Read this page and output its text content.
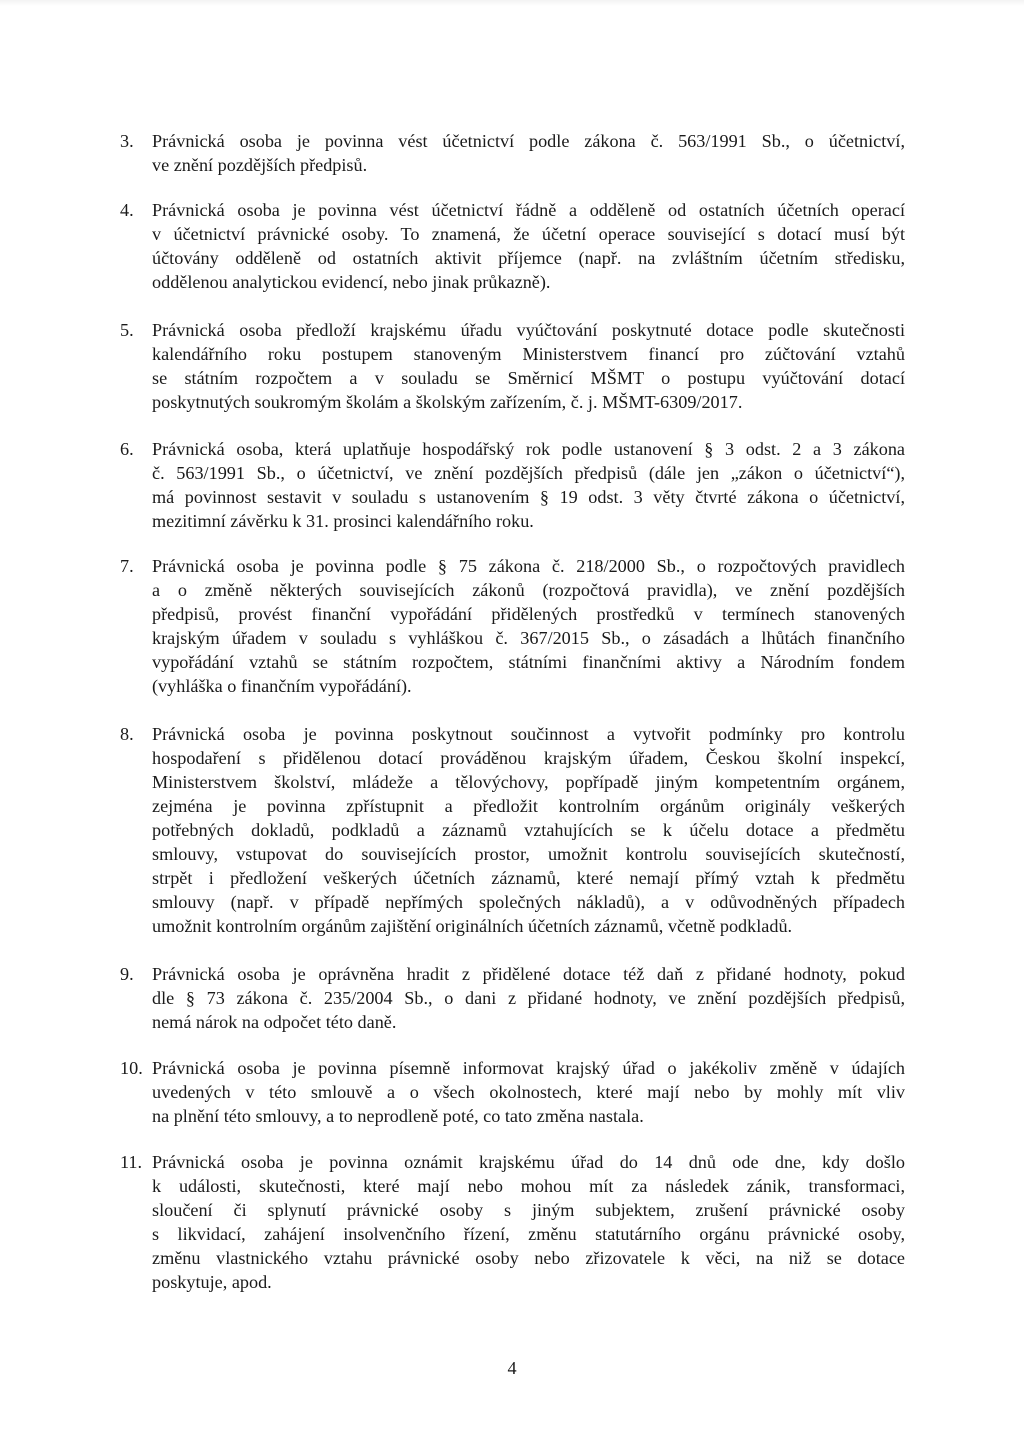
3. Právnická osoba je povinna vést účetnictví podle zákona č. 563/1991 Sb., o účetnictví,
ve znění pozdějších předpisů.
4. Právnická osoba je povinna vést účetnictví řádně a odděleně od ostatních účetních operací
v účetnictví právnické osoby. To znamená, že účetní operace související s dotací musí být
účtovány odděleně od ostatních aktivit příjemce (např. na zvláštním účetním středisku,
oddělenou analytickou evidencí, nebo jinak průkazně).
5. Právnická osoba předloží krajskému úřadu vyúčtování poskytnuté dotace podle skutečnosti
kalendářního roku postupem stanoveným Ministerstvem financí pro zúčtování vztahů
se státním rozpočtem a v souladu se Směrnicí MŠMT o postupu vyúčtování dotací
poskytnutých soukromým školám a školským zařízením, č. j. MŠMT-6309/2017.
6. Právnická osoba, která uplatňuje hospodářský rok podle ustanovení § 3 odst. 2 a 3 zákona
č. 563/1991 Sb., o účetnictví, ve znění pozdějších předpisů (dále jen „zákon o účetnictví“),
má povinnost sestavit v souladu s ustanovením § 19 odst. 3 věty čtvrté zákona o účetnictví,
mezitimní závěrku k 31. prosinci kalendářního roku.
7. Právnická osoba je povinna podle § 75 zákona č. 218/2000 Sb., o rozpočtových pravidlech
a o změně některých souvisejících zákonů (rozpočtová pravidla), ve znění pozdějších
předpisů, provést finanční vypořádání přidělených prostředků v termínech stanovených
krajským úřadem v souladu s vyhláškou č. 367/2015 Sb., o zásadách a lhůtách finančního
vypořádání vztahů se státním rozpočtem, státními finančními aktivy a Národním fondem
(vyhláška o finančním vypořádání).
8. Právnická osoba je povinna poskytnout součinnost a vytvořit podmínky pro kontrolu
hospodaření s přidělenou dotací prováděnou krajským úřadem, Českou školní inspekcí,
Ministerstvem školství, mládeže a tělovýchovy, popřípadě jiným kompetentním orgánem,
zejména je povinna zpřístupnit a předložit kontrolním orgánům originály veškerých
potřebných dokladů, podkladů a záznamů vztahujících se k účelu dotace a předmětu
smlouvy, vstupovat do souvisejících prostor, umožnit kontrolu souvisejících skutečností,
strpět i předložení veškerých účetních záznamů, které nemají přímý vztah k předmětu
smlouvy (např. v případě nepřímých společných nákladů), a v odůvodněných případech
umožnit kontrolním orgánům zajištění originálních účetních záznamů, včetně podkladů.
9. Právnická osoba je oprávněna hradit z přidělené dotace též daň z přidané hodnoty, pokud
dle § 73 zákona č. 235/2004 Sb., o dani z přidané hodnoty, ve znění pozdějších předpisů,
nemá nárok na odpočet této daně.
10. Právnická osoba je povinna písemně informovat krajský úřad o jakékoliv změně v údajích
uvedených v této smlouvě a o všech okolnostech, které mají nebo by mohly mít vliv
na plnění této smlouvy, a to neprodleně poté, co tato změna nastala.
11. Právnická osoba je povinna oznámit krajskému úřad do 14 dnů ode dne, kdy došlo
k události, skutečnosti, které mají nebo mohou mít za následek zánik, transformaci,
sloučení či splynutí právnické osoby s jiným subjektem, zrušení právnické osoby
s likvidací, zahájení insolvenčního řízení, změnu statutárního orgánu právnické osoby,
změnu vlastnického vztahu právnické osoby nebo zřizovatele k věci, na niž se dotace
poskytuje, apod.
4
